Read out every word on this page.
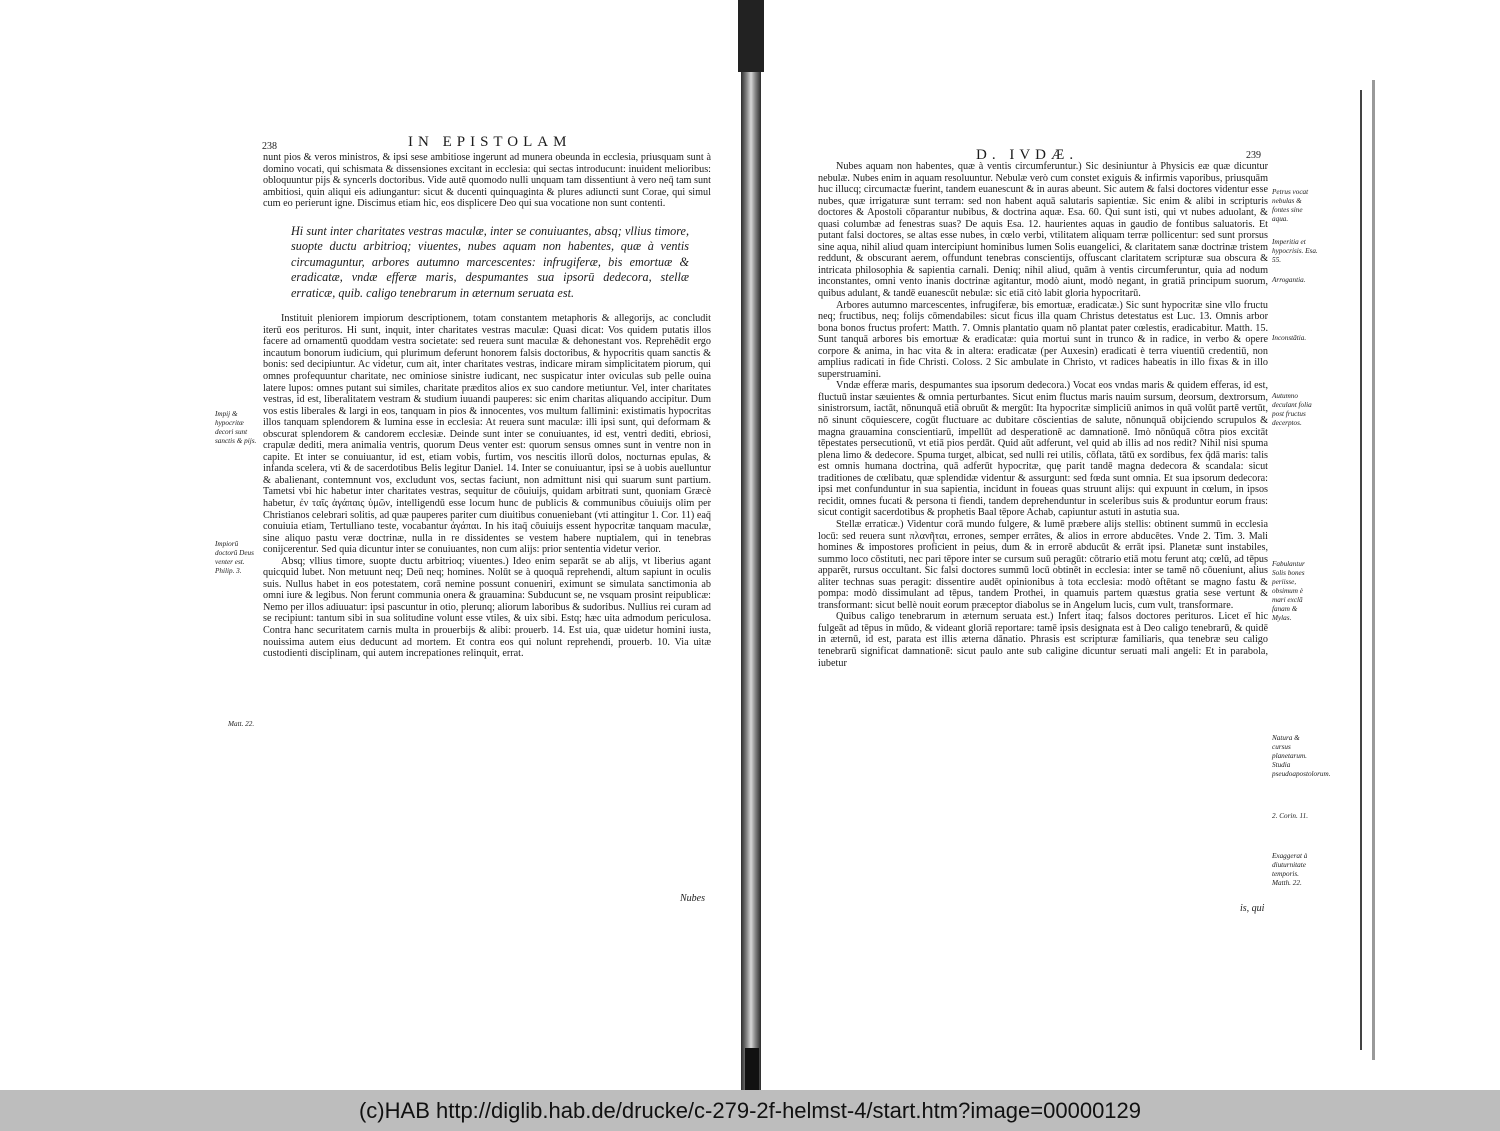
238	IN EPISTOLAM

nunt pios & veros ministros, & ipsi sese ambitiose ingerunt ad munera obeunda in ecclesia, priusquam sunt à domino vocati, qui schismata & dissensiones excitant in ecclesia: qui sectas introducunt: inuident melioribus: obloquuntur pijs & syncerls doctoribus. Vide autē quomodo nulli unquam tam dissentiunt à vero neq̄ tam sunt ambitiosi, quin aliqui eis adiungantur: sicut & ducenti quinquaginta & plures adiuncti sunt Corae, qui simul cum eo perierunt igne. Discimus etiam hic, eos displicere Deo qui sua vocatione non sunt contenti.

Hi sunt inter charitates vestras maculæ, inter se conuiuantes, absq; vllius timore, suopte ductu arbitrioq; viuentes, nubes aquam non habentes, quæ à ventis circumaguntur, arbores autumno marcescentes: infrugiferæ, bis emortuæ & eradicatæ, vndæ efferæ maris, despumantes sua ipsorū dedecora, stellæ erraticæ, quib. caligo tenebrarum in æternum seruata est.

Instituit pleniorem impiorum descriptionem, totam constantem metaphoris & allegorijs, ac concludit iterū eos perituros. Hi sunt, inquit, inter charitates vestras maculæ: Quasi dicat: Vos quidem putatis illos facere ad ornamentū quoddam vestra societate: sed reuera sunt maculæ & dehonestant vos. Reprehēdit ergo incautum bonorum iudicium, qui plurimum deferunt honorem falsis doctoribus, & hypocritis quam sanctis & bonis: sed decipiuntur. Ac videtur, cum ait, inter charitates vestras, indicare miram simplicitatem piorum, qui omnes profequuntur charitate, nec ominiose sinistre iudicant, nec suspicatur inter oviculas sub pelle ouina latere lupos: omnes putant sui similes, charitate præditos alios ex suo candore metiuntur. Vel, inter charitates vestras, id est, liberalitatem vestram & studium iuuandi pauperes: sic enim charitas aliquando accipitur. Dum vos estis liberales & largi in eos, tanquam in pios & innocentes, vos multum fallimini: existimatis hypocritas illos tanquam splendorem & lumina esse in ecclesia: At reuera sunt maculæ: illi ipsi sunt, qui deformam & obscurat splendorem & candorem ecclesiæ. Deinde sunt inter se conuiuantes, id est, ventri dediti, ebriosi, crapulæ dediti, mera animalia ventris, quorum Deus venter est: quorum sensus omnes sunt in ventre non in capite. Et inter se conuiuantur, id est, etiam vobis, furtim, vos nescitis illorū dolos, nocturnas epulas, & infanda scelera, vti & de sacerdotibus Belis legitur Daniel. 14. Inter se conuiuantur, ipsi se à uobis auelluntur & abalienant, contemnunt vos, excludunt vos, sectas faciunt, non admittunt nisi qui suarum sunt partium. Tametsi vbi hic habetur inter charitates vestras, sequitur de cōuiuijs, quidam arbitrati sunt, quoniam Græcè habetur, ἐν ταῖς ἀγάπαις ὑμῶν, intelligendū esse locum hunc de publicis & communibus cōuiuijs olim per Christianos celebrari solitis, ad quæ pauperes pariter cum diuitibus conueniebant (vti attingitur 1. Cor. 11) eaq̄ conuiuia etiam, Tertulliano teste, vocabantur ἀγάπαι. In his itaq̄ cōuiuijs essent hypocritæ tanquam maculæ, sine aliquo pastu veræ doctrinæ, nulla in re dissidentes se vestem habere nuptialem, qui in tenebras conijcerentur. Sed quia dicuntur inter se conuiuantes, non cum alijs: prior sententia videtur verior.

Absq; vllius timore, suopte ductu arbitrioq; viuentes.) Ideo enim separāt se ab alijs, vt liberius agant quicquid lubet. Non metuunt neq; Deū neq; homines. Nolūt se à quoquā reprehendi, altum sapiunt in oculis suis. Nullus habet in eos potestatem, corā nemine possunt conueniri, eximunt se simulata sanctimonia ab omni iure & legibus. Non ferunt communia onera & grauamina: Subducunt se, ne vsquam prosint reipublicæ: Nemo per illos adiuuatur: ipsi pascuntur in otio, plerunq; aliorum laboribus & sudoribus. Nullius rei curam ad se recipiunt: tantum sibi in sua solitudine volunt esse vtiles, & uix sibi. Estq; hæc uita admodum periculosa. Contra hanc securitatem carnis multa in prouerbijs & alibi: prouerb. 14. Est uia, quæ uidetur homini iusta, nouissima autem eius deducunt ad mortem. Et contra eos qui nolunt reprehendi, prouerb. 10. Via uitæ custodienti disciplinam, qui autem increpationes relinquit, errat.

Impij & hypocritæ decori sunt sanctis & pijs.
Impiorū doctorū Deus venter est. Philip. 3.
Matt. 22.
Nubes
D. IVDÆ.	239

Nubes aquam non habentes, quæ à ventis circumferuntur.) Sic desiniuntur à Physicis eæ quæ dicuntur nebulæ. Nubes enim in aquam resoluuntur. Nebulæ verò cum constet exiguis & infirmis vaporibus, priusquām huc illucq; circumactæ fuerint, tandem euanescunt & in auras abeunt. Sic autem & falsi doctores videntur esse nubes, quæ irrigaturæ sunt terram: sed non habent aquā salutaris sapientiæ. Sic enim & alibi in scripturis doctores & Apostoli cōparantur nubibus, & doctrina aquæ. Esa. 60. Qui sunt isti, qui vt nubes aduolant, & quasi columbæ ad fenestras suas? De aquis Esa. 12. haurientes aquas in gaudio de fontibus saluatoris. Et putant falsi doctores, se altas esse nubes, in cœlo verbi, vtilitatem aliquam terræ pollicentur: sed sunt prorsus sine aqua, nihil aliud quam intercipiunt hominibus lumen Solis euangelici, & claritatem sanæ doctrinæ tristem reddunt, & obscurant aerem, offundunt tenebras conscientijs, offuscant claritatem scripturæ sua obscura & intricata philosophia & sapientia carnali. Deniq; nihil aliud, quām à ventis circumferuntur, quia ad nodum inconstantes, omni vento inanis doctrinæ agitantur, modò aiunt, modò negant, in gratiā principum suorum, quibus adulant, & tandē euanescūt nebulæ: sic etiā citò labit gloria hypocritarū.

Arbores autumno marcescentes, infrugiferæ, bis emortuæ, eradicatæ.) Sic sunt hypocritæ sine vllo fructu neq; fructibus, neq; folijs cōmendabiles: sicut ficus illa quam Christus detestatus est Luc. 13. Omnis arbor bona bonos fructus profert: Matth. 7. Omnis plantatio quam nō plantat pater cœlestis, eradicabitur. Matth. 15. Sunt tanquā arbores bis emortuæ & eradicatæ: quia mortui sunt in trunco & in radice, in verbo & opere corpore & anima, in hac vita & in altera: eradicatæ (per Auxesin) eradicati è terra viuentiū credentiū, non amplius radicati in fide Christi. Coloss. 2 Sic ambulate in Christo, vt radices habeatis in illo fixas & in illo superstruamini.

Vndæ efferæ maris, despumantes sua ipsorum dedecora.) Vocat eos vndas maris & quidem efferas, id est, fluctuū instar sæuientes & omnia perturbantes. Sicut enim fluctus maris nauim sursum, deorsum, dextrorsum, sinistrorsum, iactāt, nōnunquā etiā obruūt & mergūt: Ita hypocritæ simpliciū animos in quā volūt partē vertūt, nō sinunt cōquiescere, cogūt fluctuare ac dubitare cōscientias de salute, nōnunquā obijciendo scrupulos & magna grauamina conscientiarū, impellūt ad desperationē ac damnationē. Imò nōnūquā cōtra pios excitāt tēpestates persecutionū, vt etiā pios perdāt. Quid aūt adferunt, vel quid ab illis ad nos redit? Nihil nisi spuma plena limo & dedecore. Spuma turget, albicat, sed nulli rei utilis, cōflata, tātū ex sordibus, fex q̄dā maris: talis est omnis humana doctrina, quā adferūt hypocritæ, quę parit tandē magna dedecora & scandala: sicut traditiones de cœlibatu, quæ splendidæ videntur & assurgunt: sed fœda sunt omnia. Et sua ipsorum dedecora: ipsi met confunduntur in sua sapientia, incidunt in foueas quas struunt alijs: qui expuunt in cœlum, in ipsos recidit, omnes fucati & persona ti fiendi, tandem deprehenduntur in sceleribus suis & produntur eorum fraus: sicut contigit sacerdotibus & prophetis Baal tēpore Achab, capiuntur astuti in astutia sua.

Stellæ erraticæ.) Videntur corā mundo fulgere, & lumē præbere alijs stellis: obtinent summū in ecclesia locū: sed reuera sunt πλανῆται, errones, semper errātes, & alios in errore abducētes. Vnde 2. Tim. 3. Mali homines & impostores proficient in peius, dum & in errorē abducūt & errāt ipsi. Planetæ sunt instabiles, summo loco cōstituti, nec pari tēpore inter se cursum suū peragūt: cōtrario etiā motu ferunt atq; cœlū, ad tēpus apparēt, rursus occultant. Sic falsi doctores summū locū obtinēt in ecclesia: inter se tamē nō cōueniunt, alius aliter technas suas peragit: dissentire audēt opinionibus à tota ecclesia: modò oftētant se magno fastu & pompa: modò dissimulant ad tēpus, tandem Prothei, in quamuis partem quæstus gratia sese vertunt & transformant: sicut bellè nouit eorum præceptor diabolus se in Angelum lucis, cum vult, transformare.

Quibus caligo tenebrarum in æternum seruata est.) Infert itaq; falsos doctores perituros. Licet eī hic fulgeāt ad tēpus in mūdo, & videant gloriā reportare: tamē ipsis designata est à Deo caligo tenebrarū, & quidē in æternū, id est, parata est illis æterna dānatio. Phrasis est scripturæ familiaris, qua tenebræ seu caligo tenebrarū significat damnationē: sicut paulo ante sub caligine dicuntur seruati mali angeli: Et in parabola, iubetur

Petrus vocat nebulas & fontes sine aqua.
Imperitia et hypocrisis. Esa. 55.
Arrogantia.
Inconstātia.
Autumno deculant folia post fructus decerptos.
Fabulantur Solis bones periisse, obsimum è mari exclā fanam & Mylas.
Natura & cursus planetarum. Studia pseudoapostolorum.
2. Corin. 11.
Exaggerat à diuturnitate temporis. Matth. 22.
is, qui
(c)HAB http://diglib.hab.de/drucke/c-279-2f-helmst-4/start.htm?image=00000129
